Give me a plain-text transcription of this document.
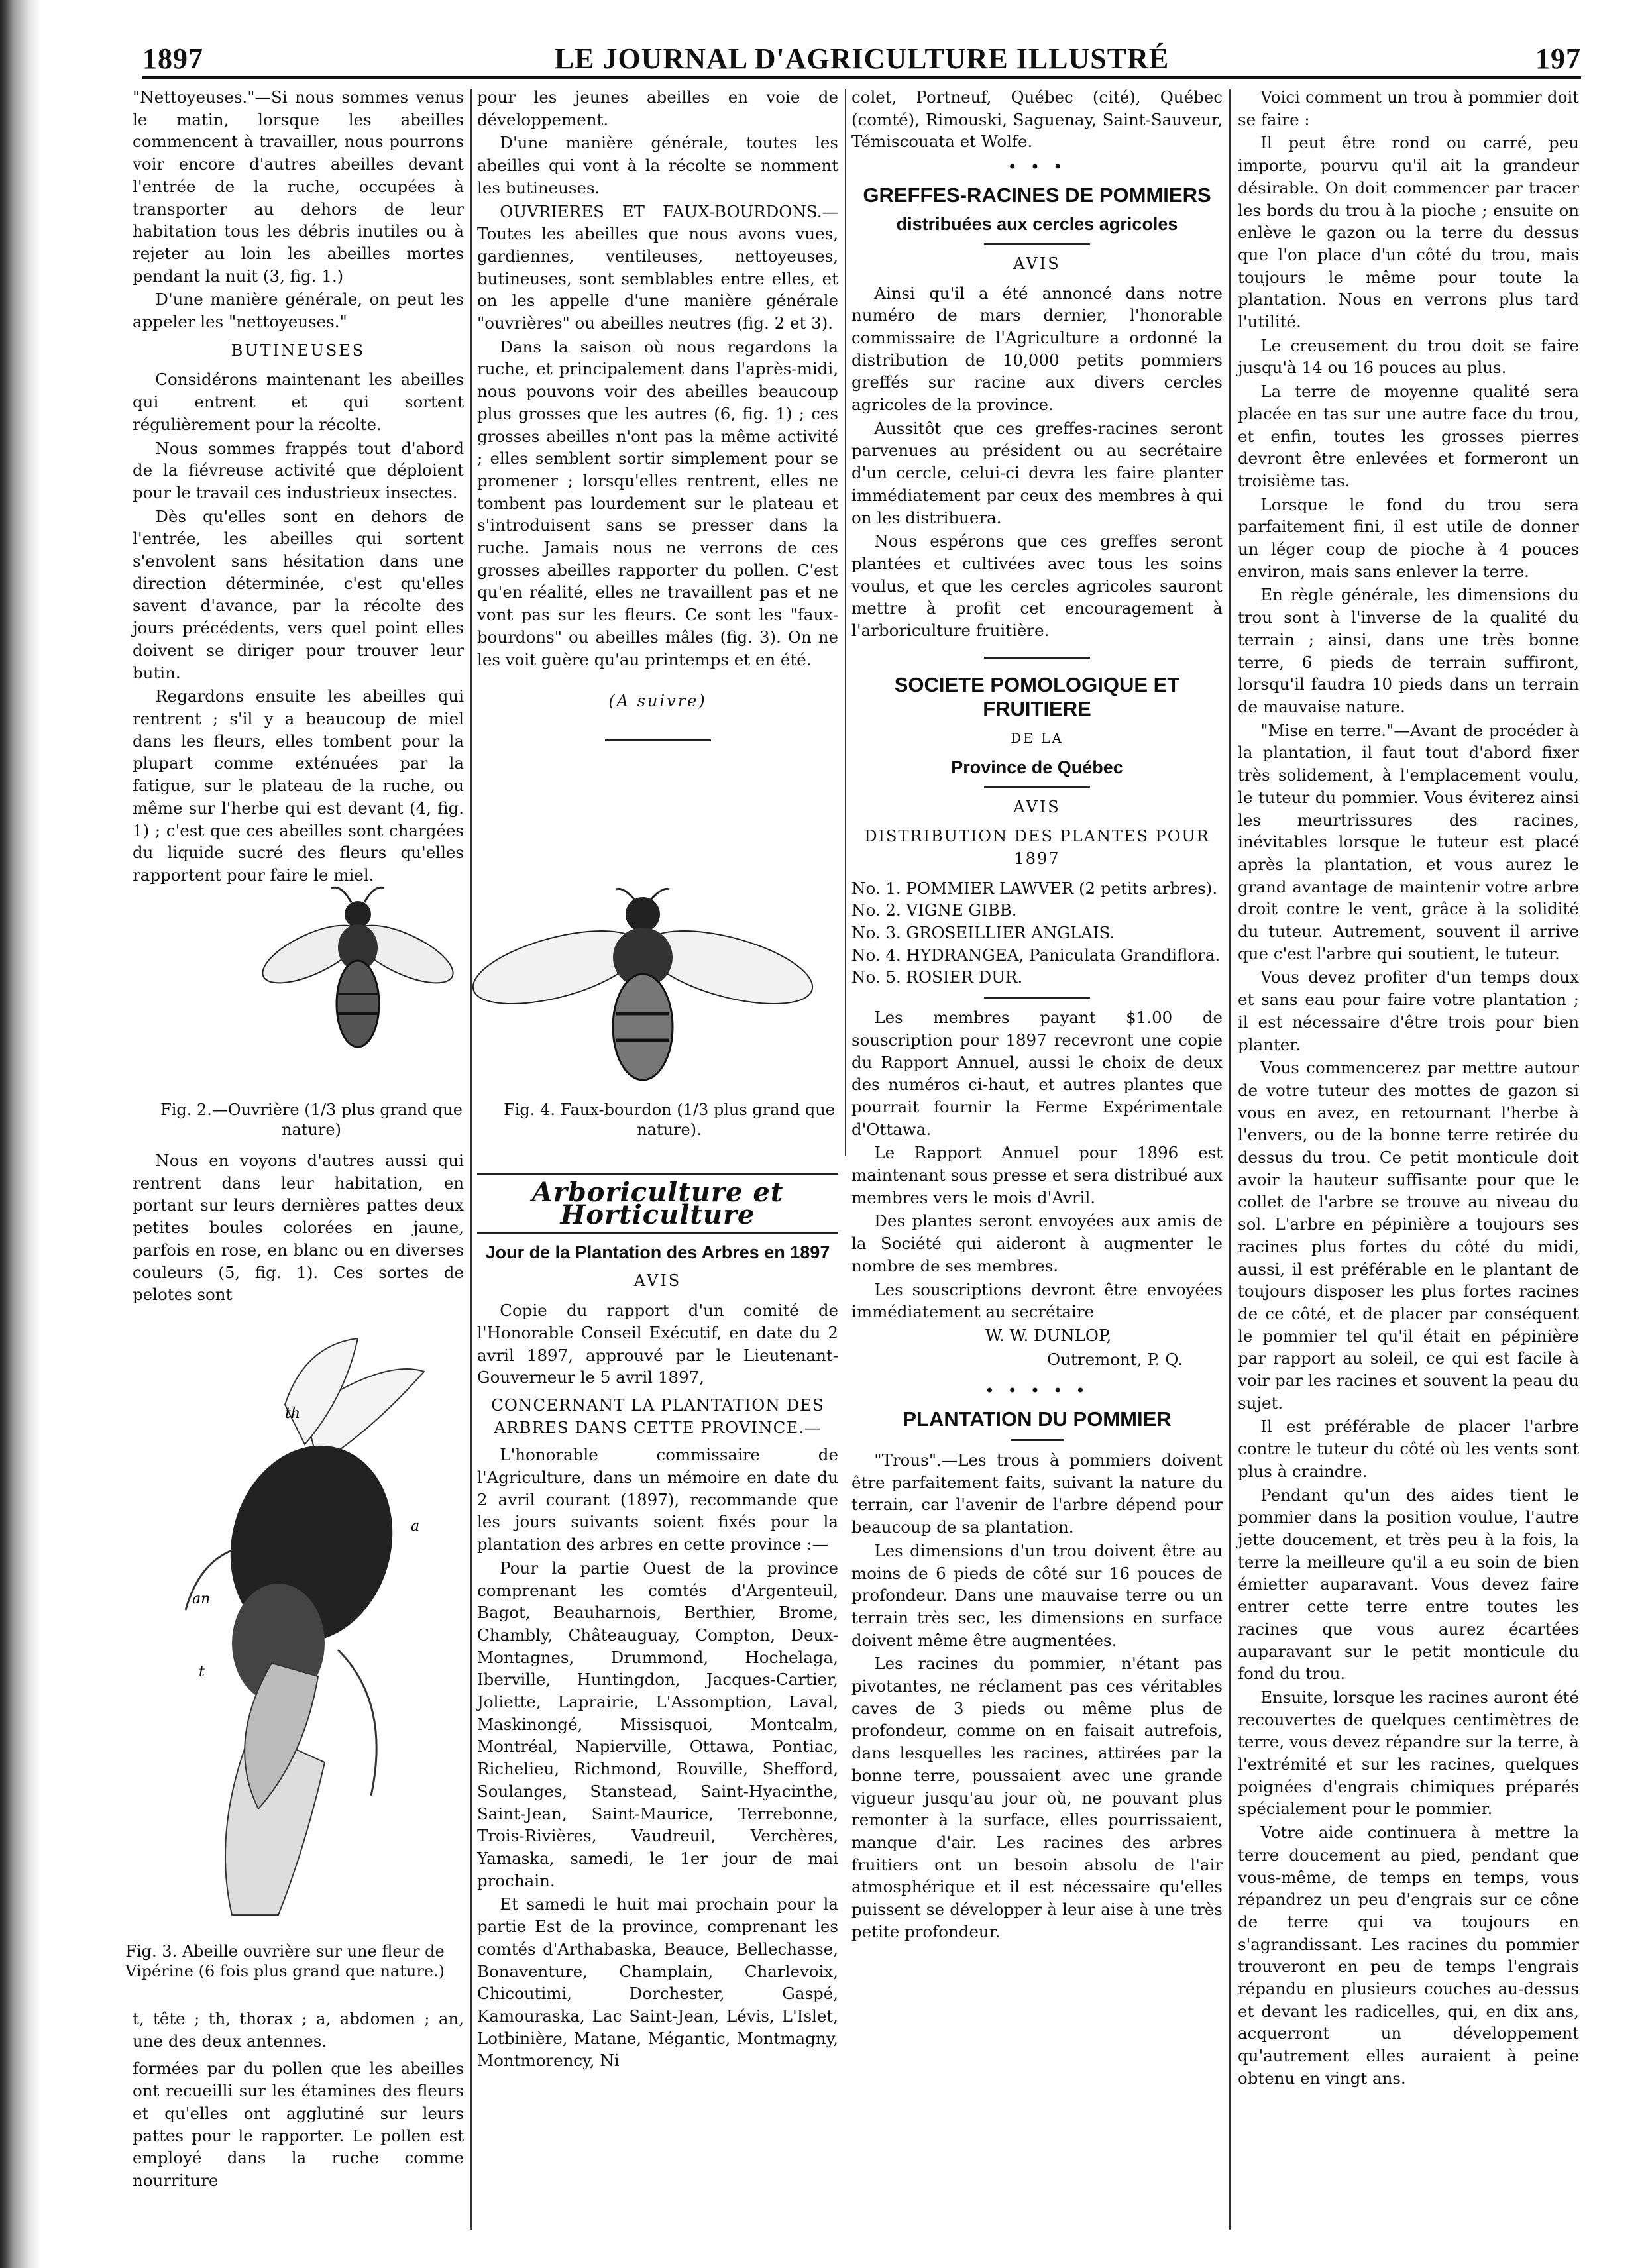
1897	LE JOURNAL D'AGRICULTURE ILLUSTRÉ	197

"Nettoyeuses."—Si nous sommes venus le matin, lorsque les abeilles commencent à travailler, nous pourrons voir encore d'autres abeilles devant l'entrée de la ruche, occupées à transporter au dehors de leur habitation tous les débris inutiles ou à rejeter au loin les abeilles mortes pendant la nuit (3, fig. 1.)

D'une manière générale, on peut les appeler les "nettoyeuses."

BUTINEUSES

Considérons maintenant les abeilles qui entrent et qui sortent régulièrement pour la récolte.

Nous sommes frappés tout d'abord de la fiévreuse activité que déploient pour le travail ces industrieux insectes.

Dès qu'elles sont en dehors de l'entrée, les abeilles qui sortent s'envolent sans hésitation dans une direction déterminée, c'est qu'elles savent d'avance, par la récolte des jours précédents, vers quel point elles doivent se diriger pour trouver leur butin.

Regardons ensuite les abeilles qui rentrent ; s'il y a beaucoup de miel dans les fleurs, elles tombent pour la plupart comme exténuées par la fatigue, sur le plateau de la ruche, ou même sur l'herbe qui est devant (4, fig. 1) ; c'est que ces abeilles sont chargées du liquide sucré des fleurs qu'elles rapportent pour faire le miel.

pour les jeunes abeilles en voie de développement.

D'une manière générale, toutes les abeilles qui vont à la récolte se nomment les butineuses.

OUVRIERES ET FAUX-BOURDONS.—Toutes les abeilles que nous avons vues, gardiennes, ventileuses, nettoyeuses, butineuses, sont semblables entre elles, et on les appelle d'une manière générale "ouvrières" ou abeilles neutres (fig. 2 et 3).

Dans la saison où nous regardons la ruche, et principalement dans l'après-midi, nous pouvons voir des abeilles beaucoup plus grosses que les autres (6, fig. 1) ; ces grosses abeilles n'ont pas la même activité ; elles semblent sortir simplement pour se promener ; lorsqu'elles rentrent, elles ne tombent pas lourdement sur le plateau et s'introduisent sans se presser dans la ruche. Jamais nous ne verrons de ces grosses abeilles rapporter du pollen. C'est qu'en réalité, elles ne travaillent pas et ne vont pas sur les fleurs. Ce sont les "faux-bourdons" ou abeilles mâles (fig. 3). On ne les voit guère qu'au printemps et en été.

(A suivre)
Fig. 2.—Ouvrière (1/3 plus grand que nature)
Fig. 4. Faux-bourdon (1/3 plus grand que nature).

Nous en voyons d'autres aussi qui rentrent dans leur habitation, en portant sur leurs dernières pattes deux petites boules colorées en jaune, parfois en rose, en blanc ou en diverses couleurs (5, fig. 1). Ces sortes de pelotes sont

an
th
t
a
Fig. 3. Abeille ouvrière sur une fleur de Vipérine (6 fois plus grand que nature.)

t, tête ; th, thorax ; a, abdomen ; an, une des deux antennes.

formées par du pollen que les abeilles ont recueilli sur les étamines des fleurs et qu'elles ont agglutiné sur leurs pattes pour le rapporter. Le pollen est employé dans la ruche comme nourriture

Arboriculture et Horticulture
Jour de la Plantation des Arbres en 1897
AVIS

Copie du rapport d'un comité de l'Honorable Conseil Exécutif, en date du 2 avril 1897, approuvé par le Lieutenant-Gouverneur le 5 avril 1897,

CONCERNANT LA PLANTATION DES ARBRES DANS CETTE PROVINCE.—

L'honorable commissaire de l'Agriculture, dans un mémoire en date du 2 avril courant (1897), recommande que les jours suivants soient fixés pour la plantation des arbres en cette province :—

Pour la partie Ouest de la province comprenant les comtés d'Argenteuil, Bagot, Beauharnois, Berthier, Brome, Chambly, Châteauguay, Compton, Deux-Montagnes, Drummond, Hochelaga, Iberville, Huntingdon, Jacques-Cartier, Joliette, Laprairie, L'Assomption, Laval, Maskinongé, Missisquoi, Montcalm, Montréal, Napierville, Ottawa, Pontiac, Richelieu, Richmond, Rouville, Shefford, Soulanges, Stanstead, Saint-Hyacinthe, Saint-Jean, Saint-Maurice, Terrebonne, Trois-Rivières, Vaudreuil, Verchères, Yamaska, samedi, le 1er jour de mai prochain.

Et samedi le huit mai prochain pour la partie Est de la province, comprenant les comtés d'Arthabaska, Beauce, Bellechasse, Bonaventure, Champlain, Charlevoix, Chicoutimi, Dorchester, Gaspé, Kamouraska, Lac Saint-Jean, Lévis, L'Islet, Lotbinière, Matane, Mégantic, Montmagny, Montmorency, Ni

colet, Portneuf, Québec (cité), Québec (comté), Rimouski, Saguenay, Saint-Sauveur, Témiscouata et Wolfe.

• • •
GREFFES-RACINES DE POMMIERS
distribuées aux cercles agricoles
AVIS

Ainsi qu'il a été annoncé dans notre numéro de mars dernier, l'honorable commissaire de l'Agriculture a ordonné la distribution de 10,000 petits pommiers greffés sur racine aux divers cercles agricoles de la province.

Aussitôt que ces greffes-racines seront parvenues au président ou au secrétaire d'un cercle, celui-ci devra les faire planter immédiatement par ceux des membres à qui on les distribuera.

Nous espérons que ces greffes seront plantées et cultivées avec tous les soins voulus, et que les cercles agricoles sauront mettre à profit cet encouragement à l'arboriculture fruitière.

SOCIETE POMOLOGIQUE ET FRUITIERE
DE LA
Province de Québec
AVIS
DISTRIBUTION DES PLANTES POUR 1897

No. 1. POMMIER LAWVER (2 petits arbres).

No. 2. VIGNE GIBB.

No. 3. GROSEILLIER ANGLAIS.

No. 4. HYDRANGEA, Paniculata Grandiflora.

No. 5. ROSIER DUR.

Les membres payant $1.00 de souscription pour 1897 recevront une copie du Rapport Annuel, aussi le choix de deux des numéros ci-haut, et autres plantes que pourrait fournir la Ferme Expérimentale d'Ottawa.

Le Rapport Annuel pour 1896 est maintenant sous presse et sera distribué aux membres vers le mois d'Avril.

Des plantes seront envoyées aux amis de la Société qui aideront à augmenter le nombre de ses membres.

Les souscriptions devront être envoyées immédiatement au secrétaire

W. W. DUNLOP,

Outremont, P. Q.

• • • • •
PLANTATION DU POMMIER

"Trous".—Les trous à pommiers doivent être parfaitement faits, suivant la nature du terrain, car l'avenir de l'arbre dépend pour beaucoup de sa plantation.

Les dimensions d'un trou doivent être au moins de 6 pieds de côté sur 16 pouces de profondeur. Dans une mauvaise terre ou un terrain très sec, les dimensions en surface doivent même être augmentées.

Les racines du pommier, n'étant pas pivotantes, ne réclament pas ces véritables caves de 3 pieds ou même plus de profondeur, comme on en faisait autrefois, dans lesquelles les racines, attirées par la bonne terre, poussaient avec une grande vigueur jusqu'au jour où, ne pouvant plus remonter à la surface, elles pourrissaient, manque d'air. Les racines des arbres fruitiers ont un besoin absolu de l'air atmosphérique et il est nécessaire qu'elles puissent se développer à leur aise à une très petite profondeur.

Voici comment un trou à pommier doit se faire :

Il peut être rond ou carré, peu importe, pourvu qu'il ait la grandeur désirable. On doit commencer par tracer les bords du trou à la pioche ; ensuite on enlève le gazon ou la terre du dessus que l'on place d'un côté du trou, mais toujours le même pour toute la plantation. Nous en verrons plus tard l'utilité.

Le creusement du trou doit se faire jusqu'à 14 ou 16 pouces au plus.

La terre de moyenne qualité sera placée en tas sur une autre face du trou, et enfin, toutes les grosses pierres devront être enlevées et formeront un troisième tas.

Lorsque le fond du trou sera parfaitement fini, il est utile de donner un léger coup de pioche à 4 pouces environ, mais sans enlever la terre.

En règle générale, les dimensions du trou sont à l'inverse de la qualité du terrain ; ainsi, dans une très bonne terre, 6 pieds de terrain suffiront, lorsqu'il faudra 10 pieds dans un terrain de mauvaise nature.

"Mise en terre."—Avant de procéder à la plantation, il faut tout d'abord fixer très solidement, à l'emplacement voulu, le tuteur du pommier. Vous éviterez ainsi les meurtrissures des racines, inévitables lorsque le tuteur est placé après la plantation, et vous aurez le grand avantage de maintenir votre arbre droit contre le vent, grâce à la solidité du tuteur. Autrement, souvent il arrive que c'est l'arbre qui soutient, le tuteur.

Vous devez profiter d'un temps doux et sans eau pour faire votre plantation ; il est nécessaire d'être trois pour bien planter.

Vous commencerez par mettre autour de votre tuteur des mottes de gazon si vous en avez, en retournant l'herbe à l'envers, ou de la bonne terre retirée du dessus du trou. Ce petit monticule doit avoir la hauteur suffisante pour que le collet de l'arbre se trouve au niveau du sol. L'arbre en pépinière a toujours ses racines plus fortes du côté du midi, aussi, il est préférable en le plantant de toujours disposer les plus fortes racines de ce côté, et de placer par conséquent le pommier tel qu'il était en pépinière par rapport au soleil, ce qui est facile à voir par les racines et souvent la peau du sujet.

Il est préférable de placer l'arbre contre le tuteur du côté où les vents sont plus à craindre.

Pendant qu'un des aides tient le pommier dans la position voulue, l'autre jette doucement, et très peu à la fois, la terre la meilleure qu'il a eu soin de bien émietter auparavant. Vous devez faire entrer cette terre entre toutes les racines que vous aurez écartées auparavant sur le petit monticule du fond du trou.

Ensuite, lorsque les racines auront été recouvertes de quelques centimètres de terre, vous devez répandre sur la terre, à l'extrémité et sur les racines, quelques poignées d'engrais chimiques préparés spécialement pour le pommier.

Votre aide continuera à mettre la terre doucement au pied, pendant que vous-même, de temps en temps, vous répandrez un peu d'engrais sur ce cône de terre qui va toujours en s'agrandissant. Les racines du pommier trouveront en peu de temps l'engrais répandu en plusieurs couches au-dessus et devant les radicelles, qui, en dix ans, acquerront un développement qu'autrement elles auraient à peine obtenu en vingt ans.
